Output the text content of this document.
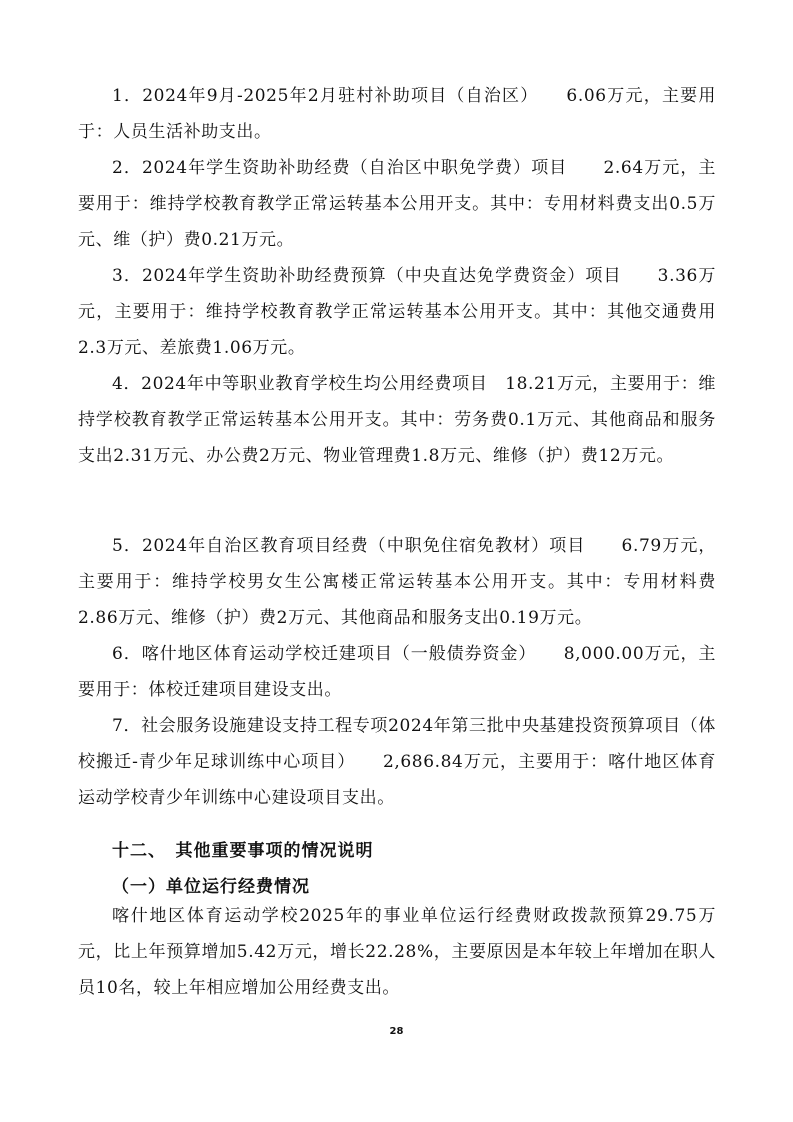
1．2024年9月-2025年2月驻村补助项目（自治区）　　6.06万元，主要用于：人员生活补助支出。

2．2024年学生资助补助经费（自治区中职免学费）项目　　2.64万元，主要用于：维持学校教育教学正常运转基本公用开支。其中：专用材料费支出0.5万元、维（护）费0.21万元。

3．2024年学生资助补助经费预算（中央直达免学费资金）项目　　3.36万元，主要用于：维持学校教育教学正常运转基本公用开支。其中：其他交通费用2.3万元、差旅费1.06万元。

4．2024年中等职业教育学校生均公用经费项目　18.21万元，主要用于：维持学校教育教学正常运转基本公用开支。其中：劳务费0.1万元、其他商品和服务支出2.31万元、办公费2万元、物业管理费1.8万元、维修（护）费12万元。

5．2024年自治区教育项目经费（中职免住宿免教材）项目　　6.79万元，主要用于：维持学校男女生公寓楼正常运转基本公用开支。其中：专用材料费2.86万元、维修（护）费2万元、其他商品和服务支出0.19万元。

6．喀什地区体育运动学校迁建项目（一般债券资金）　　8,000.00万元，主要用于：体校迁建项目建设支出。

7．社会服务设施建设支持工程专项2024年第三批中央基建投资预算项目（体校搬迁-青少年足球训练中心项目）　　2,686.84万元，主要用于：喀什地区体育运动学校青少年训练中心建设项目支出。

十二、　其他重要事项的情况说明

（一）单位运行经费情况

喀什地区体育运动学校2025年的事业单位运行经费财政拨款预算29.75万元，比上年预算增加5.42万元，增长22.28%，主要原因是本年较上年增加在职人员10名，较上年相应增加公用经费支出。

28
